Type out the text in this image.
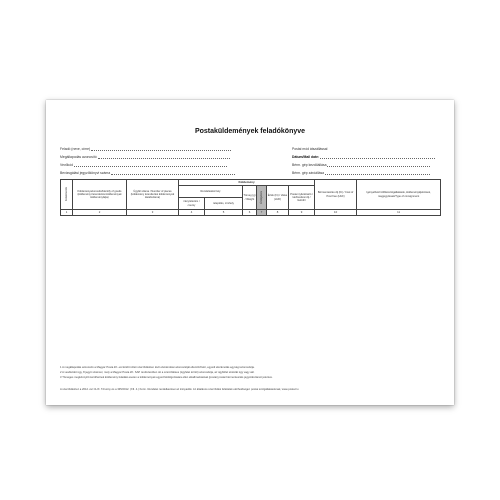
Postaküldemények feladókönyve
Feladó (neve, címe)
Megállapodás azonosító
Vevőkód
Bevizsgálási jegyzőkönyvi száma
Postai mód átszállással
Dátum/Mail date:
Bérm. gép kezdőállása
Bérm. gép záróállása
Feladószám	Küldeményazonosító/Identify of goods (küldeményt lerendezési küldemények küldeményfajta)	Ügyfél száma / Number of pieces (küldemény lerendezési küldemények darabszáma)	Küldemény						Bérmentesítés díj (Ft) / Cost of Post free (HUF)	Igényelhető többletszolgáltatások, küldeménykijelzések, megjegyzések/Type of consignment
			Rendeltetési hely		Tömeg (g) / Weight	Értékjelzés	Érték (Ft) / Value (HUF)	Postai nyilvántartó / kézbesítési díj / Gebühr		
			irányítószám / county	település, címhely						
1	2	3	4	5	6	7	8	9	10	11
1 A megállapodás azonosító a Magyar Posta Zrt.-vel kötött üzleti szerződésben lévő elszámolási azonosítóját ellenőrizhető, egyedi elszámolás egységi azonosítója.
2 A vevőkódot ügy, 8 jegyű számsor, mely a Magyar Posta Zrt. SAP rendszerében ott a szerződéses (ügyfelet érintő) azonosítója, az ügyféllel számlát ügy vagy akl.
3 Tömeges megkönnyítő kerülhetnek küldemény feladási eseten a küldemények egyed feldolgozására ellen elkallmazásával (postai) postai bérmentesítés jegyzékszámot jelentve.
A szerződéshez a 2012. évi CLIX. Törvény és a 335/2012. (XII. 4.) Korm. Rendelet rendelkezései az irányadók. Az általános szerződési feltételek elérhetőségei: postai szolgáltatásoknak, www.posta.hu
